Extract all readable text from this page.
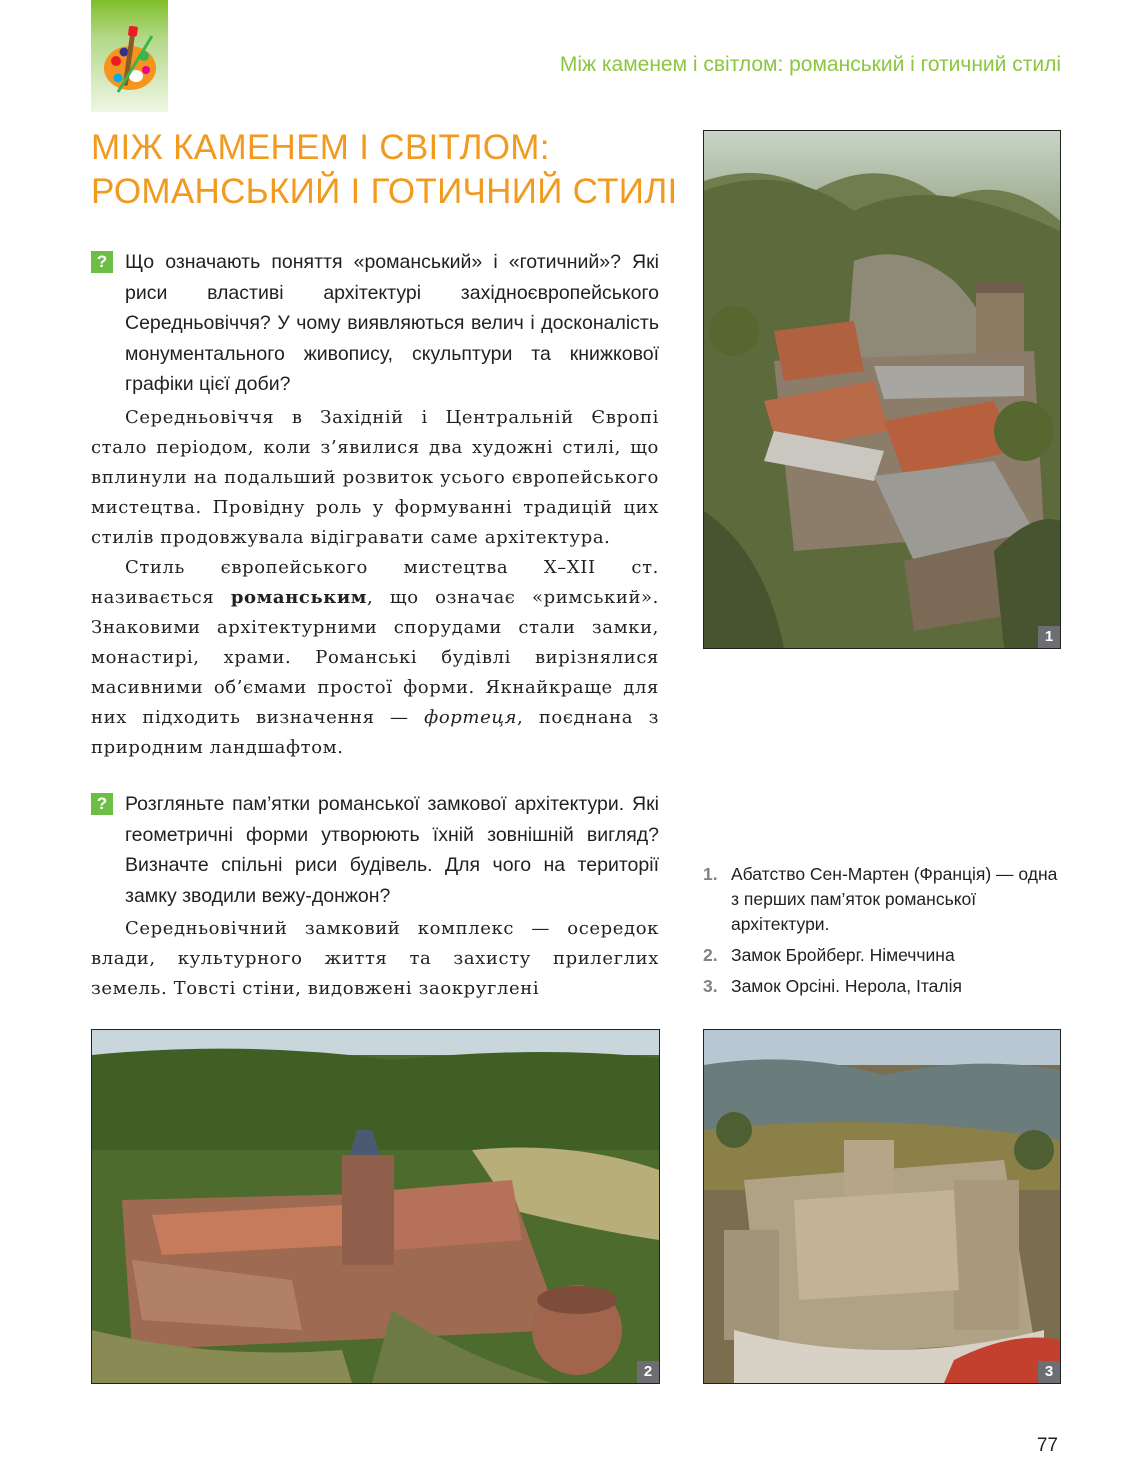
Між каменем і світлом: романський і готичний стилі
МІЖ КАМЕНЕМ І СВІТЛОМ:
РОМАНСЬКИЙ І ГОТИЧНИЙ СТИЛІ
? Що означають поняття «романський» і «готичний»? Які риси властиві архітектурі західноєвропейського Середньовіччя? У чому виявляються велич і досконалість монументального живопису, скульптури та книжкової графіки цієї доби?

Середньовіччя в Західній і Центральній Європі стало періодом, коли з’явилися два художні стилі, що вплинули на подальший розвиток усього європейського мистецтва. Провідну роль у формуванні традицій цих стилів продовжувала відігравати саме архітектура.

Стиль європейського мистецтва X–XII ст. називається романським, що означає «римський». Знаковими архітектурними спорудами стали замки, монастирі, храми. Романські будівлі вирізнялися масивними об’ємами простої форми. Якнайкраще для них підходить визначення — фортеця, поєднана з природним ландшафтом.

? Розгляньте пам’ятки романської замкової архітектури. Які геометричні форми утворюють їхній зовнішній вигляд? Визначте спільні риси будівель. Для чого на території замку зводили вежу-донжон?

Середньовічний замковий комплекс — осередок влади, культурного життя та захисту прилеглих земель. Товсті стіни, видовжені заокруглені

1
1. Абатство Сен-Мартен (Франція) — одна з перших пам’яток романської архітектури.
2. Замок Бройберг. Німеччина
3. Замок Орсіні. Нерола, Італія
2	3
77
